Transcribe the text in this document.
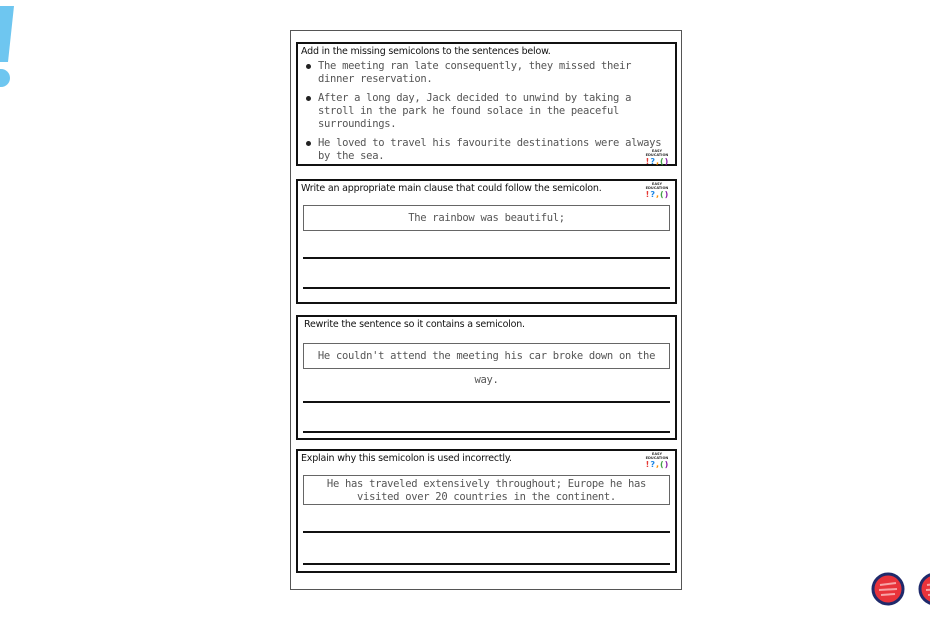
Add in the missing semicolons to the sentences below.
The meeting ran late consequently, they missed their dinner reservation.
After a long day, Jack decided to unwind by taking a stroll in the park he found solace in the peaceful surroundings.
He loved to travel his favourite destinations were always by the sea.	EASY EDUCATION
! ? , ( )
Write an appropriate main clause that could follow the semicolon.	EASY EDUCATION
! ? , ( )
The rainbow was beautiful;
Rewrite the sentence so it contains a semicolon.
He couldn't attend the meeting his car broke down on the way.
Explain why this semicolon is used incorrectly.	EASY EDUCATION
! ? , ( )
He has traveled extensively throughout; Europe he has visited over 20 countries in the continent.
